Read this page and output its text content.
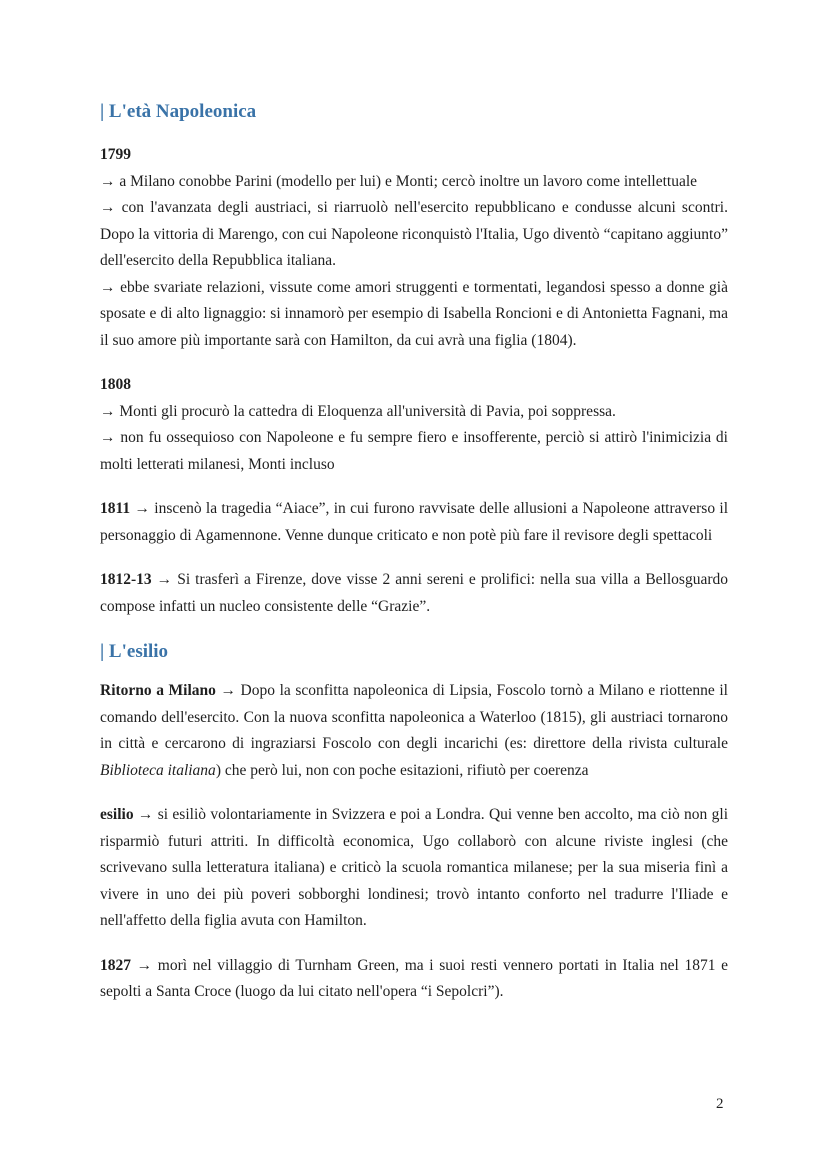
| L'età Napoleonica

1799

→ a Milano conobbe Parini (modello per lui) e Monti; cercò inoltre un lavoro come intellettuale

→ con l'avanzata degli austriaci, si riarruolò nell'esercito repubblicano e condusse alcuni scontri. Dopo la vittoria di Marengo, con cui Napoleone riconquistò l'Italia, Ugo diventò “capitano aggiunto” dell'esercito della Repubblica italiana.

→ ebbe svariate relazioni, vissute come amori struggenti e tormentati, legandosi spesso a donne già sposate e di alto lignaggio: si innamorò per esempio di Isabella Roncioni e di Antonietta Fagnani, ma il suo amore più importante sarà con Hamilton, da cui avrà una figlia (1804).

1808

→ Monti gli procurò la cattedra di Eloquenza all'università di Pavia, poi soppressa.

→ non fu ossequioso con Napoleone e fu sempre fiero e insofferente, perciò si attirò l'inimicizia di molti letterati milanesi, Monti incluso

1811 → inscenò la tragedia “Aiace”, in cui furono ravvisate delle allusioni a Napoleone attraverso il personaggio di Agamennone. Venne dunque criticato e non potè più fare il revisore degli spettacoli

1812-13 → Si trasferì a Firenze, dove visse 2 anni sereni e prolifici: nella sua villa a Bellosguardo compose infatti un nucleo consistente delle “Grazie”.

| L'esilio

Ritorno a Milano → Dopo la sconfitta napoleonica di Lipsia, Foscolo tornò a Milano e riottenne il comando dell'esercito. Con la nuova sconfitta napoleonica a Waterloo (1815), gli austriaci tornarono in città e cercarono di ingraziarsi Foscolo con degli incarichi (es: direttore della rivista culturale Biblioteca italiana) che però lui, non con poche esitazioni, rifiutò per coerenza

esilio → si esiliò volontariamente in Svizzera e poi a Londra. Qui venne ben accolto, ma ciò non gli risparmiò futuri attriti. In difficoltà economica, Ugo collaborò con alcune riviste inglesi (che scrivevano sulla letteratura italiana) e criticò la scuola romantica milanese; per la sua miseria finì a vivere in uno dei più poveri sobborghi londinesi; trovò intanto conforto nel tradurre l'Iliade e nell'affetto della figlia avuta con Hamilton.

1827 → morì nel villaggio di Turnham Green, ma i suoi resti vennero portati in Italia nel 1871 e sepolti a Santa Croce (luogo da lui citato nell'opera “i Sepolcri”).

2
